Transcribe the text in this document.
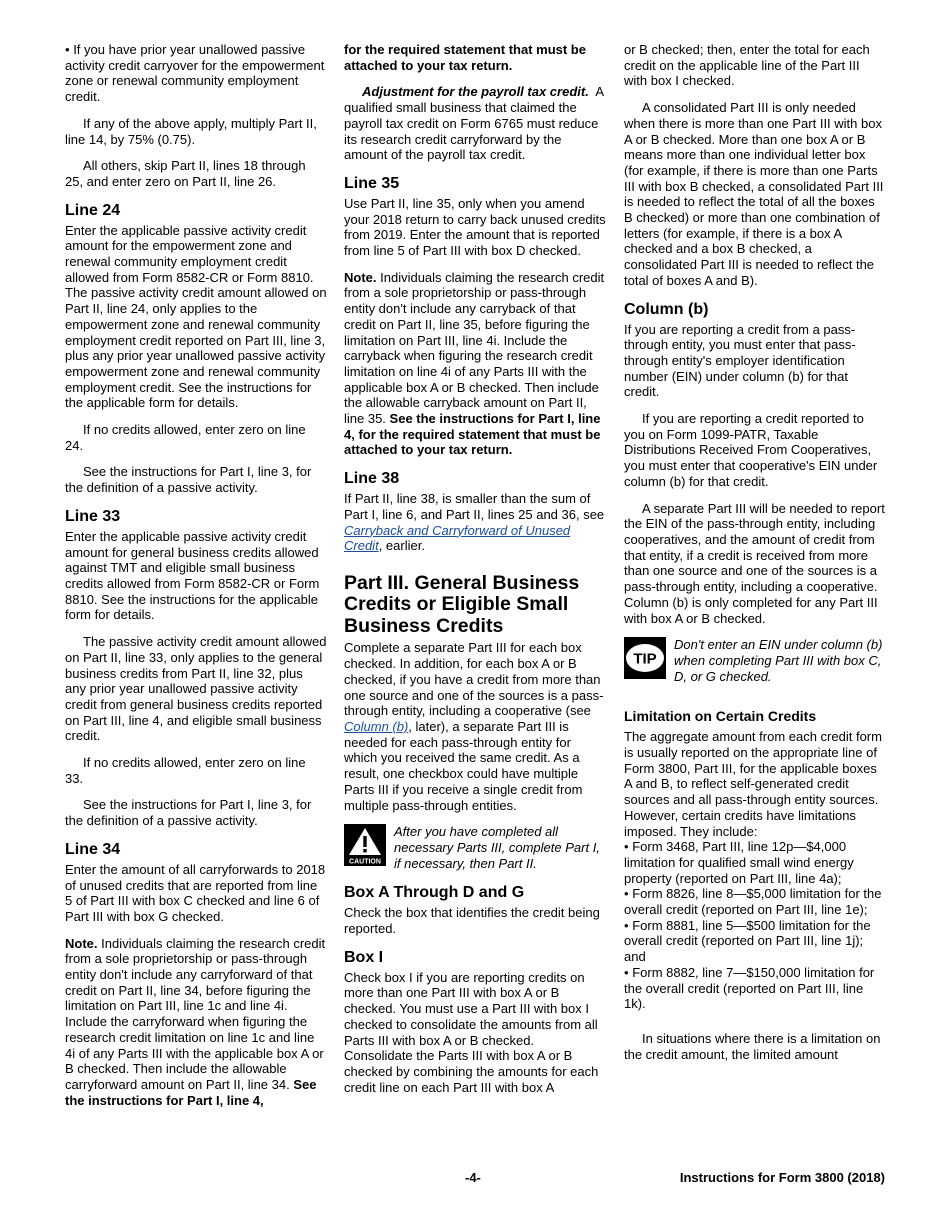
• If you have prior year unallowed passive activity credit carryover for the empowerment zone or renewal community employment credit.

If any of the above apply, multiply Part II, line 14, by 75% (0.75).

All others, skip Part II, lines 18 through 25, and enter zero on Part II, line 26.

Line 24

Enter the applicable passive activity credit amount for the empowerment zone and renewal community employment credit allowed from Form 8582-CR or Form 8810. The passive activity credit amount allowed on Part II, line 24, only applies to the empowerment zone and renewal community employment credit reported on Part III, line 3, plus any prior year unallowed passive activity empowerment zone and renewal community employment credit. See the instructions for the applicable form for details.

If no credits allowed, enter zero on line 24.

See the instructions for Part I, line 3, for the definition of a passive activity.

Line 33

Enter the applicable passive activity credit amount for general business credits allowed against TMT and eligible small business credits allowed from Form 8582-CR or Form 8810. See the instructions for the applicable form for details.

The passive activity credit amount allowed on Part II, line 33, only applies to the general business credits from Part II, line 32, plus any prior year unallowed passive activity credit from general business credits reported on Part III, line 4, and eligible small business credit.

If no credits allowed, enter zero on line 33.

See the instructions for Part I, line 3, for the definition of a passive activity.

Line 34

Enter the amount of all carryforwards to 2018 of unused credits that are reported from line 5 of Part III with box C checked and line 6 of Part III with box G checked.

Note. Individuals claiming the research credit from a sole proprietorship or pass-through entity don't include any carryforward of that credit on Part II, line 34, before figuring the limitation on Part III, line 1c and line 4i. Include the carryforward when figuring the research credit limitation on line 1c and line 4i of any Parts III with the applicable box A or B checked. Then include the allowable carryforward amount on Part II, line 34. See the instructions for Part I, line 4,

for the required statement that must be attached to your tax return.

Adjustment for the payroll tax credit. A qualified small business that claimed the payroll tax credit on Form 6765 must reduce its research credit carryforward by the amount of the payroll tax credit.

Line 35

Use Part II, line 35, only when you amend your 2018 return to carry back unused credits from 2019. Enter the amount that is reported from line 5 of Part III with box D checked.

Note. Individuals claiming the research credit from a sole proprietorship or pass-through entity don't include any carryback of that credit on Part II, line 35, before figuring the limitation on Part III, line 4i. Include the carryback when figuring the research credit limitation on line 4i of any Parts III with the applicable box A or B checked. Then include the allowable carryback amount on Part II, line 35. See the instructions for Part I, line 4, for the required statement that must be attached to your tax return.

Line 38

If Part II, line 38, is smaller than the sum of Part I, line 6, and Part II, lines 25 and 36, see Carryback and Carryforward of Unused Credit, earlier.

Part III. General Business Credits or Eligible Small Business Credits

Complete a separate Part III for each box checked. In addition, for each box A or B checked, if you have a credit from more than one source and one of the sources is a pass-through entity, including a cooperative (see Column (b), later), a separate Part III is needed for each pass-through entity for which you received the same credit. As a result, one checkbox could have multiple Parts III if you receive a single credit from multiple pass-through entities.

CAUTION
After you have completed all necessary Parts III, complete Part I, if necessary, then Part II.
Box A Through D and G

Check the box that identifies the credit being reported.

Box I

Check box I if you are reporting credits on more than one Part III with box A or B checked. You must use a Part III with box I checked to consolidate the amounts from all Parts III with box A or B checked. Consolidate the Parts III with box A or B checked by combining the amounts for each credit line on each Part III with box A

or B checked; then, enter the total for each credit on the applicable line of the Part III with box I checked.

A consolidated Part III is only needed when there is more than one Part III with box A or B checked. More than one box A or B means more than one individual letter box (for example, if there is more than one Parts III with box B checked, a consolidated Part III is needed to reflect the total of all the boxes B checked) or more than one combination of letters (for example, if there is a box A checked and a box B checked, a consolidated Part III is needed to reflect the total of boxes A and B).

Column (b)

If you are reporting a credit from a pass-through entity, you must enter that pass-through entity's employer identification number (EIN) under column (b) for that credit.

If you are reporting a credit reported to you on Form 1099-PATR, Taxable Distributions Received From Cooperatives, you must enter that cooperative's EIN under column (b) for that credit.

A separate Part III will be needed to report the EIN of the pass-through entity, including cooperatives, and the amount of credit from that entity, if a credit is received from more than one source and one of the sources is a pass-through entity, including a cooperative. Column (b) is only completed for any Part III with box A or B checked.

TIP
Don't enter an EIN under column (b) when completing Part III with box C, D, or G checked.
Limitation on Certain Credits

The aggregate amount from each credit form is usually reported on the appropriate line of Form 3800, Part III, for the applicable boxes A and B, to reflect self-generated credit sources and all pass-through entity sources. However, certain credits have limitations imposed. They include:

• Form 3468, Part III, line 12p—$4,000 limitation for qualified small wind energy property (reported on Part III, line 4a);

• Form 8826, line 8—$5,000 limitation for the overall credit (reported on Part III, line 1e);

• Form 8881, line 5—$500 limitation for the overall credit (reported on Part III, line 1j); and

• Form 8882, line 7—$150,000 limitation for the overall credit (reported on Part III, line 1k).

In situations where there is a limitation on the credit amount, the limited amount

-4-	Instructions for Form 3800 (2018)
